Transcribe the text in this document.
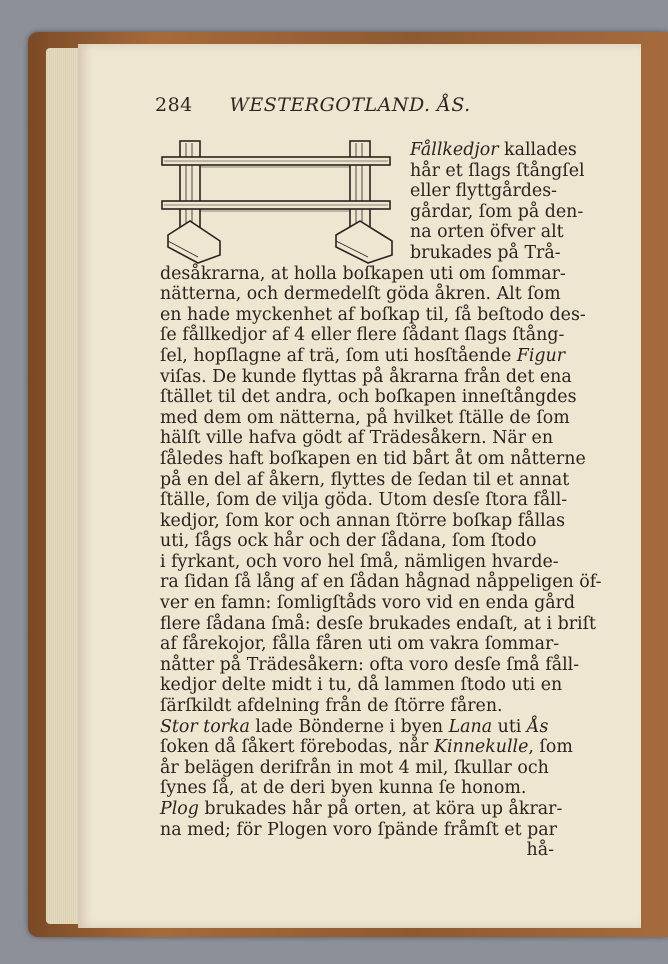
284 WESTERGOTLAND. ÅS.
Fållkedjor kallades
hår et ſlags ſtångſel
eller flyttgårdes-
gårdar, ſom på den-
na orten öfver alt
brukades på Trå-
desåkrarna, at holla boſkapen uti om ſommar-
nätterna, och dermedelſt göda åkren. Alt ſom
en hade myckenhet af boſkap til, ſå beſtodo des-
ſe fållkedjor af 4 eller flere ſådant ſlags ſtång-
ſel, hopſlagne af trä, ſom uti hosſtående Figur
viſas. De kunde flyttas på åkrarna från det ena
ſtället til det andra, och boſkapen inneſtångdes
med dem om nätterna, på hvilket ſtälle de ſom
hälſt ville hafva gödt af Trädesåkern. När en
ſåledes haft boſkapen en tid bårt åt om nåtterne
på en del af åkern, flyttes de ſedan til et annat
ſtälle, ſom de vilja göda. Utom desſe ſtora fåll-
kedjor, ſom kor och annan ſtörre boſkap fållas
uti, ſågs ock hår och der ſådana, ſom ſtodo
i fyrkant, och voro hel ſmå, nämligen hvarde-
ra ſidan ſå lång af en ſådan hågnad nåppeligen öf-
ver en famn: ſomligſtåds voro vid en enda gård
flere ſådana ſmå: desſe brukades endaſt, at i briſt
af fårekojor, fålla fåren uti om vakra ſommar-
nåtter på Trädesåkern: ofta voro desſe ſmå fåll-
kedjor delte midt i tu, då lammen ſtodo uti en
ſärſkildt afdelning från de ſtörre fåren.
Stor torka lade Bönderne i byen Lana uti Ås
ſoken då ſåkert förebodas, når Kinnekulle, ſom
år belägen derifrån in mot 4 mil, ſkullar och
ſynes ſå, at de deri byen kunna ſe honom.
Plog brukades hår på orten, at köra up åkrar-
na med; för Plogen voro ſpände fråmſt et par
hå-
